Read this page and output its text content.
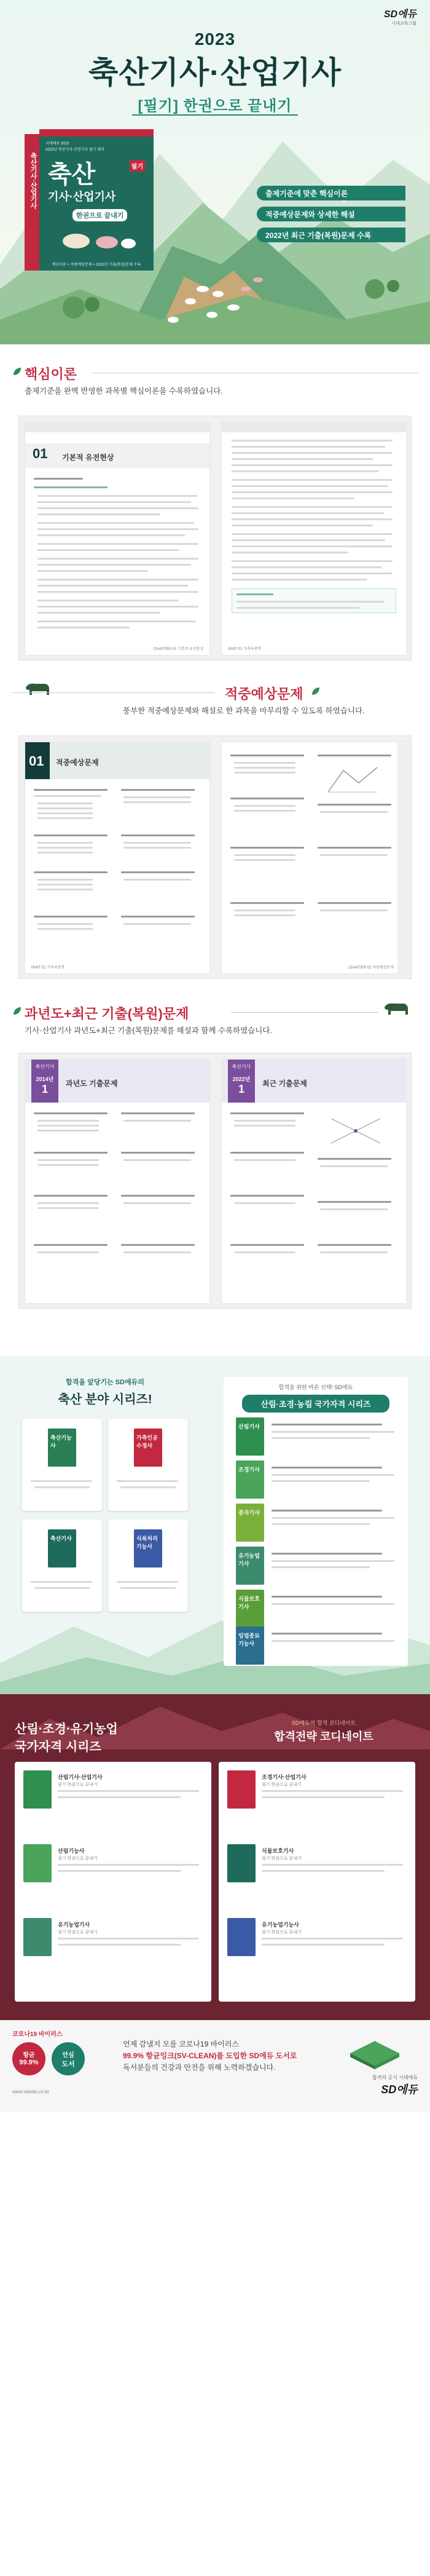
SD에듀
시대교육그룹
2023
축산기사·산업기사
[필기] 한권으로 끝내기
축산기사·산업기사
시대에듀 2023
2023년 축산기사·산업기사 필기 대비
축산	필기
기사·산업기사
한권으로 끝내기
핵심이론 + 적중예상문제 + 2022년 기출(복원)문제 수록
출제기준에 맞춘 핵심이론
적중예상문제와 상세한 해설
2022년 최근 기출(복원)문제 수록
핵심이론
출제기준을 완벽 반영한 과목별 핵심이론을 수록하였습니다.
01 기본적 유전현상
CHAPTER 01 기본적 유전현상	PART 01 가축육종학
적중예상문제
풍부한 적중예상문제와 해설로 한 과목을 마무리할 수 있도록 하였습니다.
01 적중예상문제
PART 01 가축육종학	CHAPTER 01 적중예상문제
과년도+최근 기출(복원)문제
기사·산업기사 과년도+최근 기출(복원)문제를 해설과 함께 수록하였습니다.
축산기사
2014년
1	과년도 기출문제
축산기사
2022년
1	최근 기출문제
합격을 앞당기는 SD에듀의
축산 분야 시리즈!
축산기능사
가축인공수정사
축산기사	식육처리기능사
합격을 위한 바른 선택! SD에듀
산림·조경·농림 국가자격 시리즈
산림기사
조경기사
종자기사
유기농업기사
식물보호기사
임업종묘기능사
산림·조경·유기농업
국가자격 시리즈
SD에듀의 합격 코디네이트
합격전략 코디네이트
산림기사·산업기사
필기 한권으로 끝내기
산림기능사
필기 한권으로 끝내기
유기농업기사
필기 한권으로 끝내기
조경기사·산업기사
필기 한권으로 끝내기
식물보호기사
필기 한권으로 끝내기
유기농업기능사
필기 한권으로 끝내기
코로나19 바이러스
항균
99.9%
안심
도서
언제 감낼지 모를 코로나19 바이러스
99.9% 항균잉크(SV-CLEAN)를 도입한 SD에듀 도서로
독서분들의 건강과 안전을 위해 노력하겠습니다.
www.sdedu.co.kr
합격의 공식 시대에듀
SD에듀
